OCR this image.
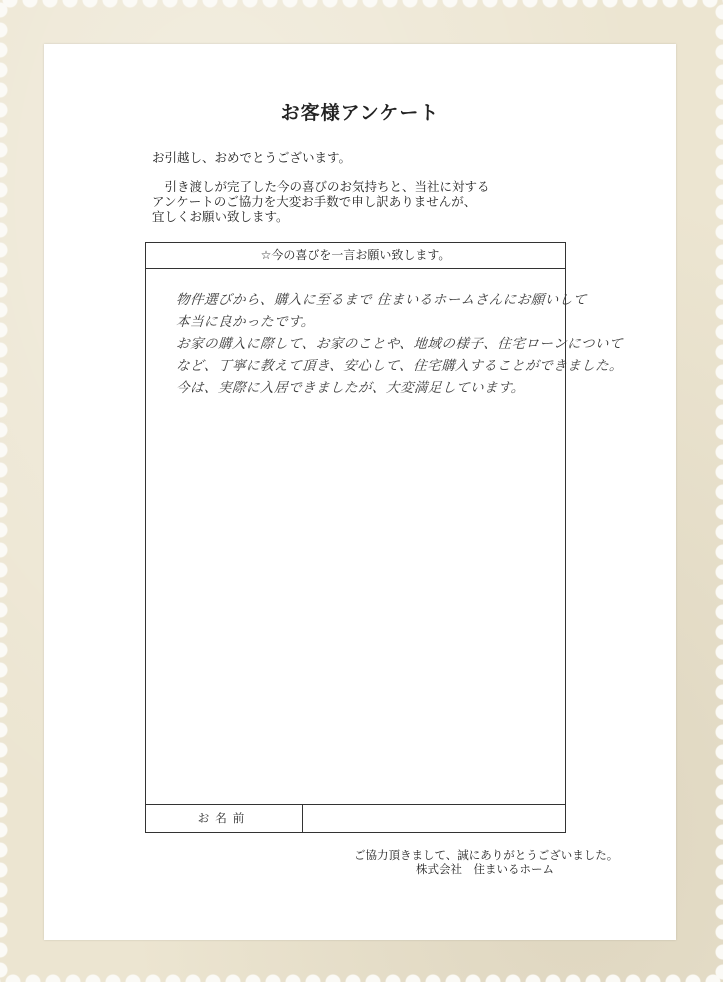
お客様アンケート

お引越し、おめでとうございます。

　引き渡しが完了した今の喜びのお気持ちと、当社に対する

アンケートのご協力を大変お手数で申し訳ありませんが、

宜しくお願い致します。

☆今の喜びを一言お願い致します。

物件選びから、購入に至るまで 住まいるホームさんにお願いして

本当に良かったです。

お家の購入に際して、お家のことや、地域の様子、住宅ローンについて

など、丁寧に教えて頂き、安心して、住宅購入することができました。

今は、実際に入居できましたが、大変満足しています。

お名前
ご協力頂きまして、誠にありがとうございました。
株式会社　住まいるホーム
